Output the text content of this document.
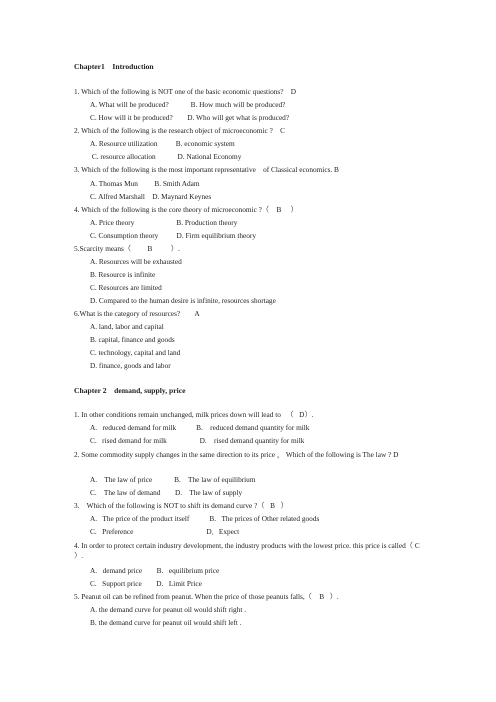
Chapter1    Introduction
1. Which of the following is NOT one of the basic economic questions?    D
A. What will be produced?            B. How much will be produced?
C. How will it be produced?        D. Who will get what is produced?
2. Which of the following is the research object of microeconomic ?    C
A. Resource utilization          B. economic system
C. resource allocation            D. National Economy
3. Which of the following is the most important representative    of Classical economics. B
A. Thomas Mun         B. Smith Adam
C. Alfred Marshall    D. Maynard Keynes
4. Which of the following is the core theory of microeconomic ?（    B     ）
A. Price theory                       B. Production theory
C. Consumption theory          D. Firm equilibrium theory
5.Scarcity means（         B          ）.
A. Resources will be exhausted
B. Resource is infinite
C. Resources are limited
D. Compared to the human desire is infinite, resources shortage
6.What is the category of resources?        A
A. land, labor and capital
B. capital, finance and goods
C. technology, capital and land
D. finance, goods and labor
Chapter 2    demand, supply, price
1. In other conditions remain unchanged, milk prices down will lead to   （   D）.
A.   reduced demand for milk           B.    reduced demand quantity for milk
C.   rised demand for milk                  D.    rised demand quantity for milk
2. Some commodity supply changes in the same direction to its price ， Which of the following is The law ? D
A.    The law of price            B.    The law of equilibrium
C.    The law of demand        D.    The law of supply
3.    Which of the following is NOT to shift its demand curve ?（   B   ）
A.   The price of the product itself           B.   The prices of Other related goods
C.   Preference                                        D．Expect
4. In order to protect certain industry development, the industry products with the lowest price. this price is called（ C ）.
A.   demand price        B.   equilibrium price
C.   Support price        D.   Limit Price
5. Peanut oil can be refined from peanut. When the price of those peanuts falls,（    B   ）.
A. the demand curve for peanut oil would shift right .
B. the demand curve for peanut oil would shift left .
